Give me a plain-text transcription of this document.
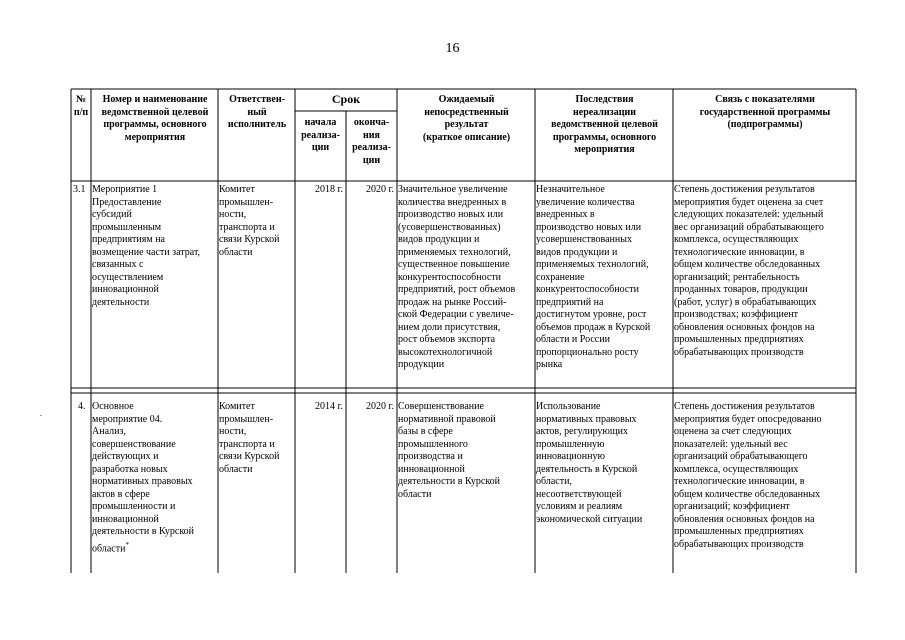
16
№
п/п
Номер и наименование
ведомственной целевой
программы, основного
мероприятия
Ответствен-
ный
исполнитель
Срок
начала
реализа-
ции
оконча-
ния
реализа-
ции
Ожидаемый
непосредственный
результат
(краткое описание)
Последствия
нереализации
ведомственной целевой
программы, основного
мероприятия
Связь с показателями
государственной программы
(подпрограммы)
3.1 Мероприятие 1
Предоставление
субсидий
промышленным
предприятиям на
возмещение части затрат,
связанных с
осуществлением
инновационной
деятельности
Комитет
промышлен-
ности,
транспорта и
связи Курской
области
2018 г.	2020 г. Значительное увеличение
количества внедренных в
производство новых или
(усовершенствованных)
видов продукции и
применяемых технологий,
существенное повышение
конкурентоспособности
предприятий, рост объемов
продаж на рынке Россий-
ской Федерации с увеличе-
нием доли присутствия,
рост объемов экспорта
высокотехнологичной
продукции
Незначительное
увеличение количества
внедренных в
производство новых или
усовершенствованных
видов продукции и
применяемых технологий,
сохранение
конкурентоспособности
предприятий на
достигнутом уровне, рост
объемов продаж в Курской
области и России
пропорционально росту
рынка
Степень достижения результатов
мероприятия будет оценена за счет
следующих показателей: удельный
вес организаций обрабатывающего
комплекса, осуществляющих
технологические инновации, в
общем количестве обследованных
организаций; рентабельность
проданных товаров, продукции
(работ, услуг) в обрабатывающих
производствах; коэффициент
обновления основных фондов на
промышленных предприятиях
обрабатывающих производств
4. Основное
мероприятие 04.
Анализ,
совершенствование
действующих и
разработка новых
нормативных правовых
актов в сфере
промышленности и
инновационной
деятельности в Курской
области*
Комитет
промышлен-
ности,
транспорта и
связи Курской
области
2014 г.	2020 г. Совершенствование
нормативной правовой
базы в сфере
промышленного
производства и
инновационной
деятельности в Курской
области
Использование
нормативных правовых
актов, регулирующих
промышленную
инновационную
деятельность в Курской
области,
несоответствующей
условиям и реалиям
экономической ситуации
Степень достижения результатов
мероприятия будет опосредованно
оценена за счет следующих
показателей: удельный вес
организаций обрабатывающего
комплекса, осуществляющих
технологические инновации, в
общем количестве обследованных
организаций; коэффициент
обновления основных фондов на
промышленных предприятиях
обрабатывающих производств
.
